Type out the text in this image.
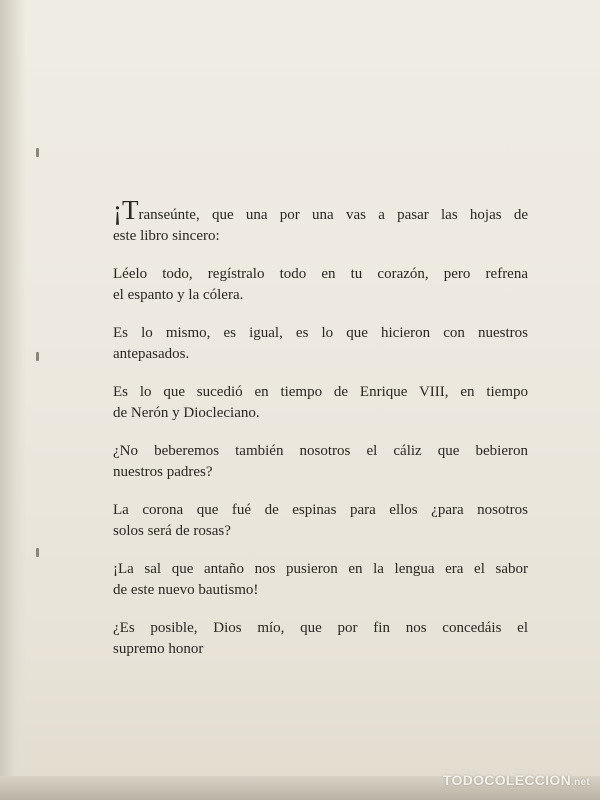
¡Transeúnte, que una por una vas a pasar las hojas de
este libro sincero:

Léelo todo, regístralo todo en tu corazón, pero refrena
el espanto y la cólera.

Es lo mismo, es igual, es lo que hicieron con nuestros
antepasados.

Es lo que sucedió en tiempo de Enrique VIII, en tiempo
de Nerón y Diocleciano.

¿No beberemos también nosotros el cáliz que bebieron
nuestros padres?

La corona que fué de espinas para ellos ¿para nosotros
solos será de rosas?

¡La sal que antaño nos pusieron en la lengua era el sabor
de este nuevo bautismo!

¿Es posible, Dios mío, que por fin nos concedáis el
supremo honor

TODOCOLECCION.net
